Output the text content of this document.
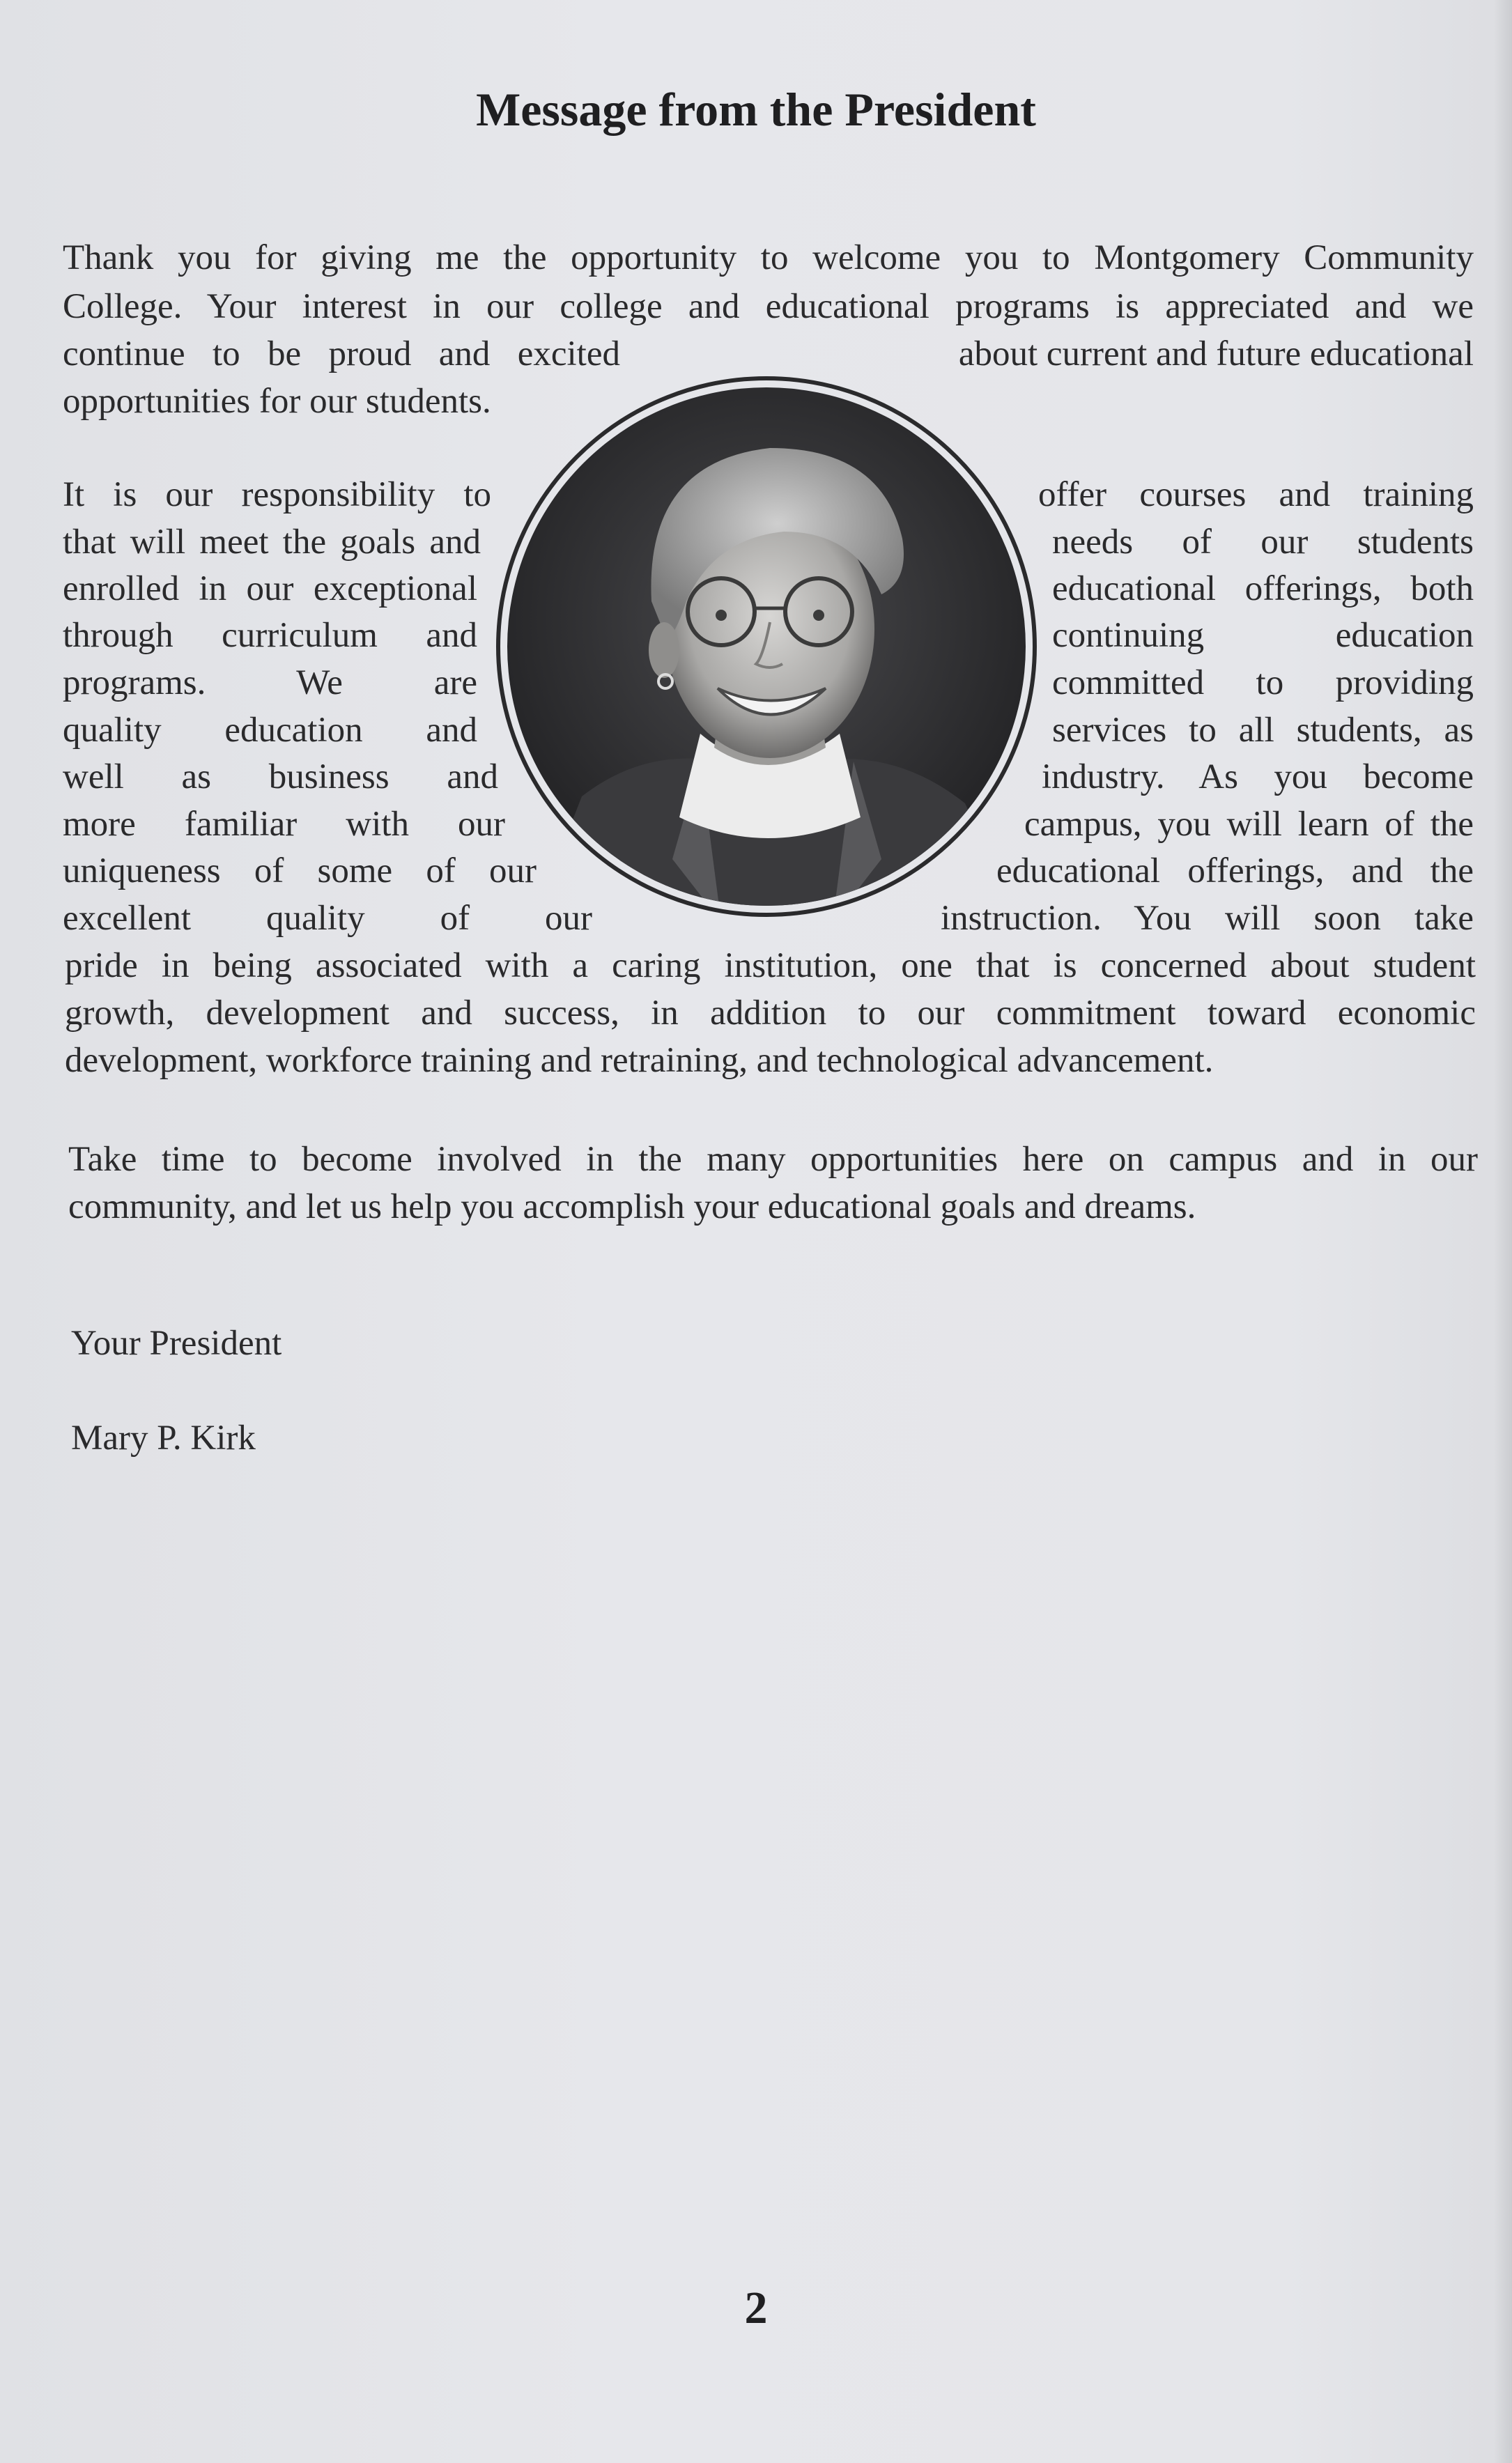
Message from the President
Thank you for giving me the opportunity to welcome you to Montgomery Community
College. Your interest in our college and educational programs is appreciated and we
continue to be proud and excited	about current and future educational
opportunities for our students.
It is our responsibility to
that will meet the goals and
enrolled in our exceptional
through curriculum and
programs. We are
quality education and
well as business and
more familiar with our
uniqueness of some of our
excellent quality of our
offer courses and training
needs of our students
educational offerings, both
continuing education
committed to providing
services to all students, as
industry. As you become
campus, you will learn of the
educational offerings, and the
instruction. You will soon take
pride in being associated with a caring institution, one that is concerned about student
growth, development and success, in addition to our commitment toward economic
development, workforce training and retraining, and technological advancement.
Take time to become involved in the many opportunities here on campus and in our
community, and let us help you accomplish your educational goals and dreams.
Your President
Mary P. Kirk
2
